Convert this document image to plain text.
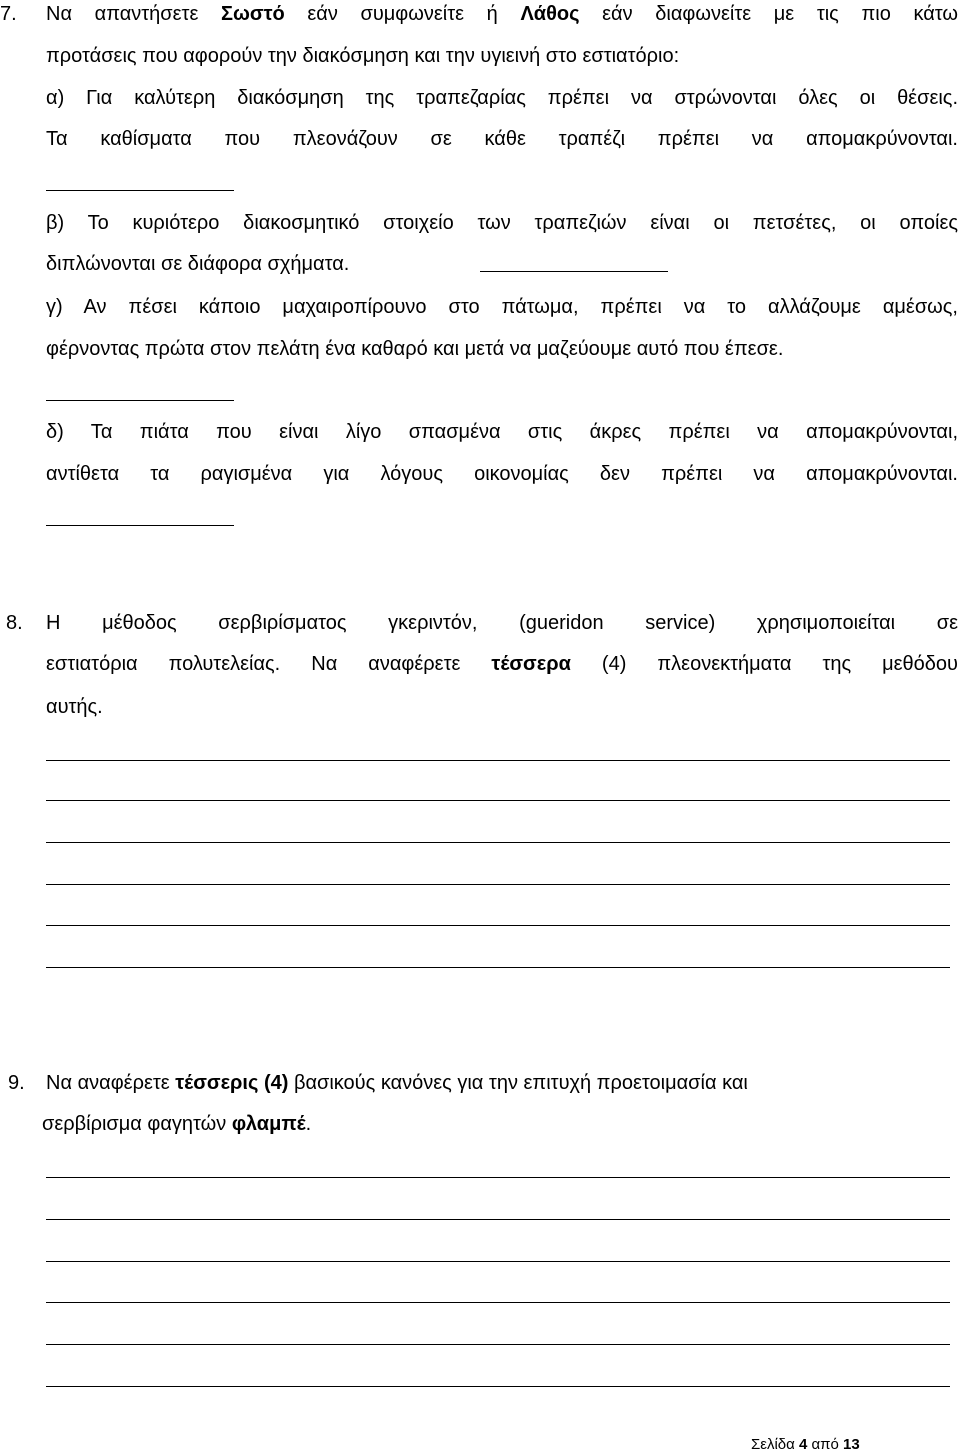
7. Να απαντήσετε Σωστό εάν συμφωνείτε ή Λάθος εάν διαφωνείτε με τις πιο κάτω
προτάσεις που αφορούν την διακόσμηση και την υγιεινή στο εστιατόριο:
α) Για καλύτερη διακόσμηση της τραπεζαρίας πρέπει να στρώνονται όλες οι θέσεις.
Τα καθίσματα που πλεονάζουν σε κάθε τραπέζι πρέπει να απομακρύνονται.
β) Το κυριότερο διακοσμητικό στοιχείο των τραπεζιών είναι οι πετσέτες, οι οποίες
διπλώνονται σε διάφορα σχήματα.
γ) Αν πέσει κάποιο μαχαιροπίρουνο στο πάτωμα, πρέπει να το αλλάζουμε αμέσως,
φέρνοντας πρώτα στον πελάτη ένα καθαρό και μετά να μαζεύουμε αυτό που έπεσε.
δ) Τα πιάτα που είναι λίγο σπασμένα στις άκρες πρέπει να απομακρύνονται,
αντίθετα τα ραγισμένα για λόγους οικονομίας δεν πρέπει να απομακρύνονται.
8. Η μέθοδος σερβιρίσματος γκεριντόν, (gueridon service) χρησιμοποιείται σε
εστιατόρια πολυτελείας. Να αναφέρετε τέσσερα (4) πλεονεκτήματα της μεθόδου
αυτής.
9. Να αναφέρετε τέσσερις (4) βασικούς κανόνες για την επιτυχή προετοιμασία και
σερβίρισμα φαγητών φλαμπέ.
Σελίδα 4 από 13
